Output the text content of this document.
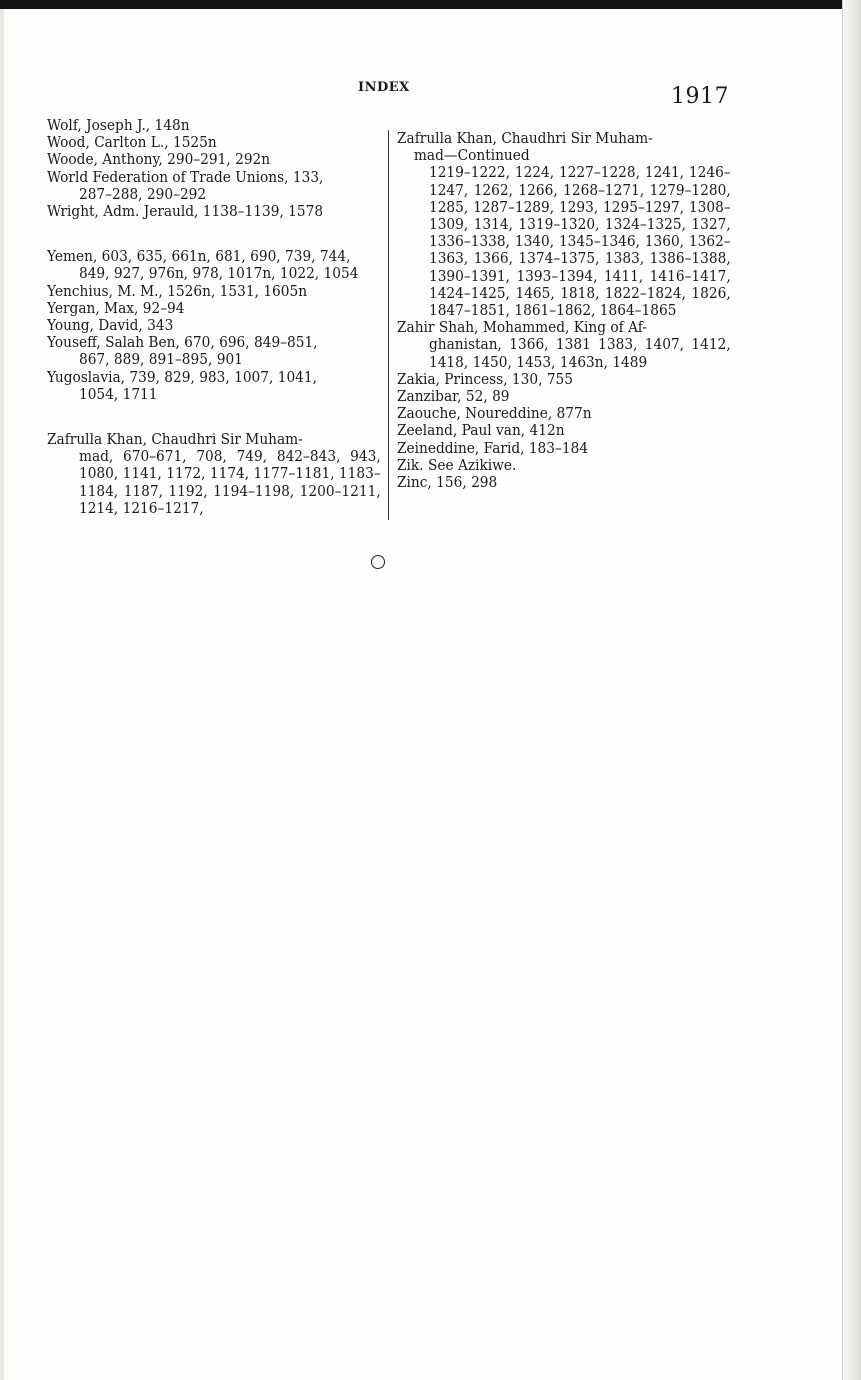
INDEX	1917
Wolf, Joseph J., 148n
Wood, Carlton L., 1525n
Woode, Anthony, 290–291, 292n
World Federation of Trade Unions, 133,
287–288, 290–292
Wright, Adm. Jerauld, 1138–1139, 1578
Yemen, 603, 635, 661n, 681, 690, 739, 744,
849, 927, 976n, 978, 1017n, 1022, 1054
Yenchius, M. M., 1526n, 1531, 1605n
Yergan, Max, 92–94
Young, David, 343
Youseff, Salah Ben, 670, 696, 849–851,
867, 889, 891–895, 901
Yugoslavia, 739, 829, 983, 1007, 1041,
1054, 1711
Zafrulla Khan, Chaudhri Sir Muham-
mad, 670–671, 708, 749, 842–843, 943, 1080, 1141, 1172, 1174, 1177–1181, 1183–1184, 1187, 1192, 1194–1198, 1200–1211, 1214, 1216–1217,
Zafrulla Khan, Chaudhri Sir Muham-
mad—Continued
1219–1222, 1224, 1227–1228, 1241, 1246–1247, 1262, 1266, 1268–1271, 1279–1280, 1285, 1287–1289, 1293, 1295–1297, 1308–1309, 1314, 1319–1320, 1324–1325, 1327, 1336–1338, 1340, 1345–1346, 1360, 1362–1363, 1366, 1374–1375, 1383, 1386–1388, 1390–1391, 1393–1394, 1411, 1416–1417, 1424–1425, 1465, 1818, 1822–1824, 1826, 1847–1851, 1861–1862, 1864–1865
Zahir Shah, Mohammed, King of Af-
ghanistan, 1366, 1381 1383, 1407, 1412, 1418, 1450, 1453, 1463n, 1489
Zakia, Princess, 130, 755
Zanzibar, 52, 89
Zaouche, Noureddine, 877n
Zeeland, Paul van, 412n
Zeineddine, Farid, 183–184
Zik. See Azikiwe.
Zinc, 156, 298
